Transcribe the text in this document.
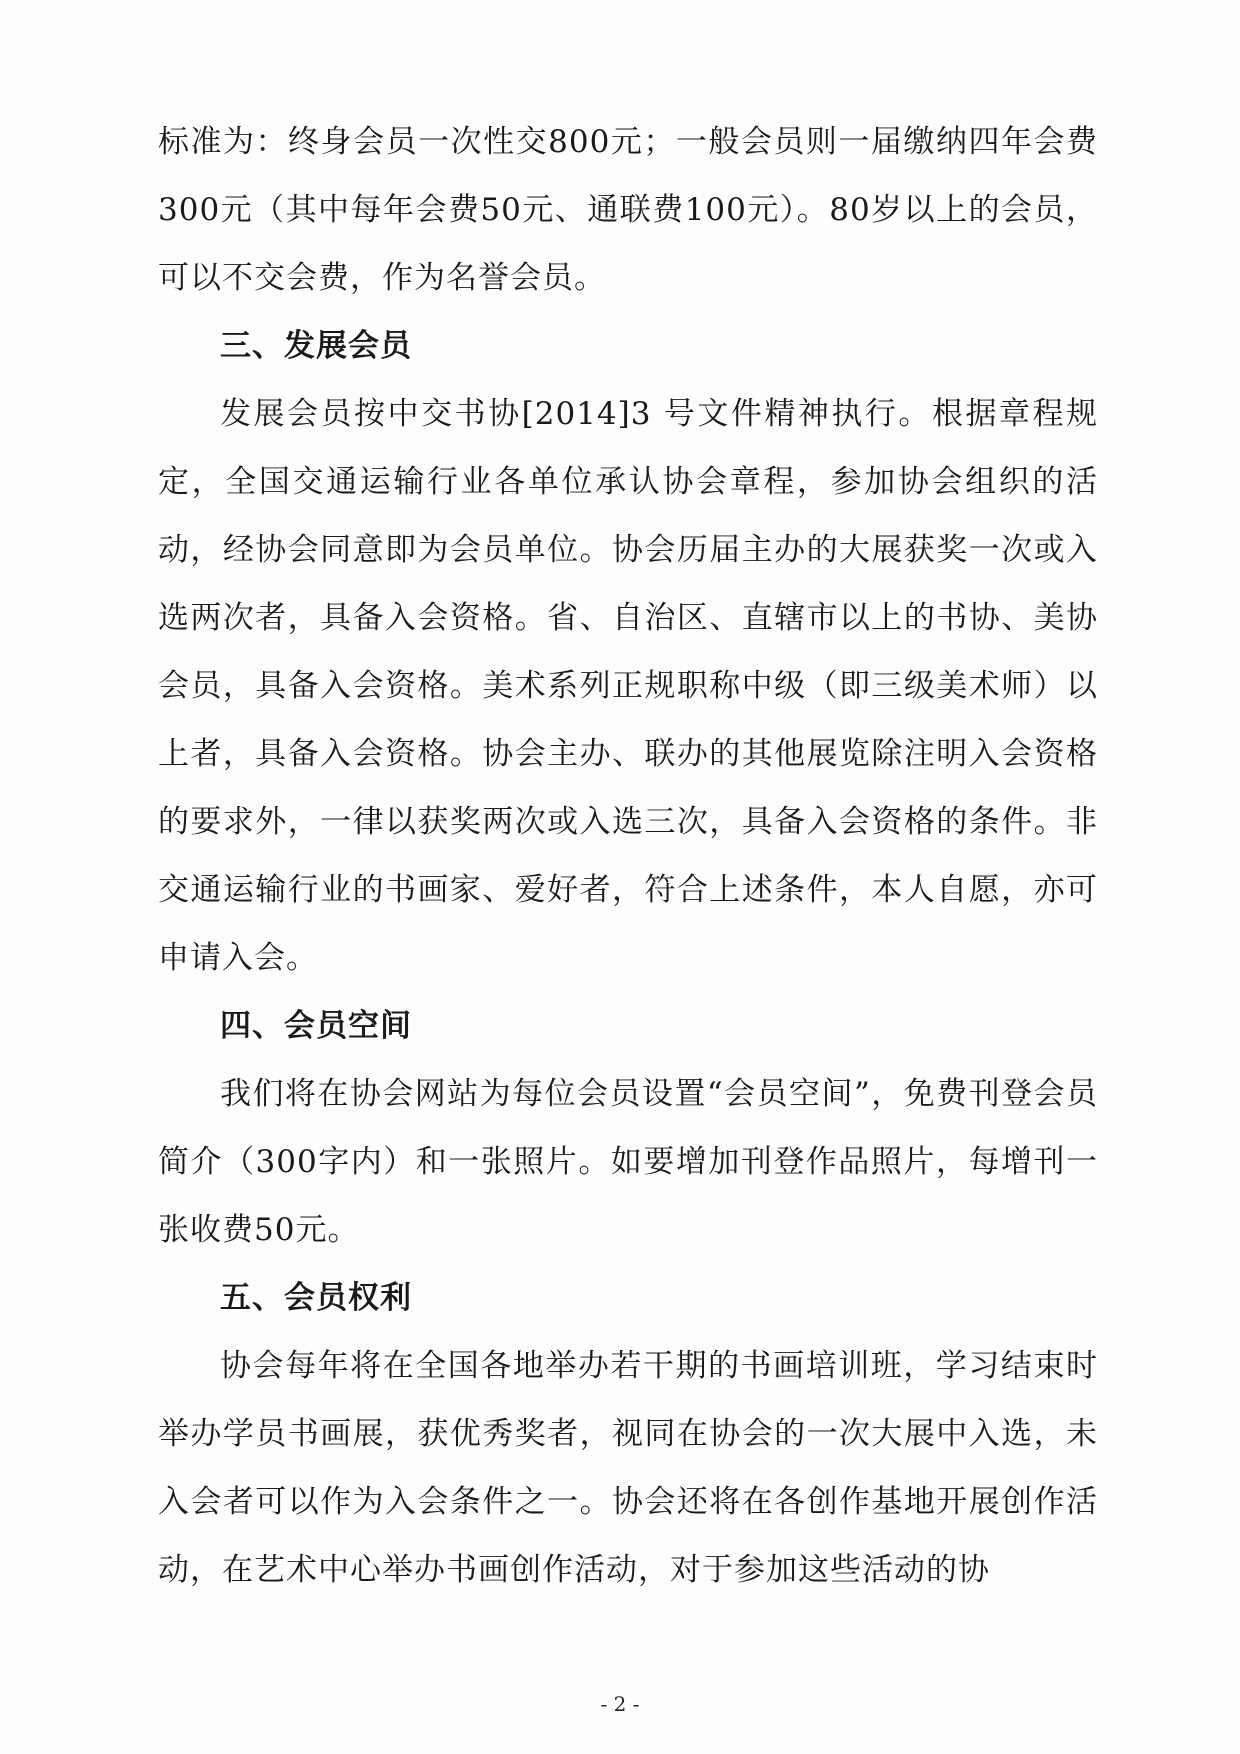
标准为：终身会员一次性交800元；一般会员则一届缴纳四年会费300元（其中每年会费50元、通联费100元）。80岁以上的会员，可以不交会费，作为名誉会员。

三、发展会员

发展会员按中交书协[2014]3 号文件精神执行。根据章程规定，全国交通运输行业各单位承认协会章程，参加协会组织的活动，经协会同意即为会员单位。协会历届主办的大展获奖一次或入选两次者，具备入会资格。省、自治区、直辖市以上的书协、美协会员，具备入会资格。美术系列正规职称中级（即三级美术师）以上者，具备入会资格。协会主办、联办的其他展览除注明入会资格的要求外，一律以获奖两次或入选三次，具备入会资格的条件。非交通运输行业的书画家、爱好者，符合上述条件，本人自愿，亦可申请入会。

四、会员空间

我们将在协会网站为每位会员设置“会员空间”，免费刊登会员简介（300字内）和一张照片。如要增加刊登作品照片，每增刊一张收费50元。

五、会员权利

协会每年将在全国各地举办若干期的书画培训班，学习结束时举办学员书画展，获优秀奖者，视同在协会的一次大展中入选，未入会者可以作为入会条件之一。协会还将在各创作基地开展创作活动，在艺术中心举办书画创作活动，对于参加这些活动的协

- 2 -
